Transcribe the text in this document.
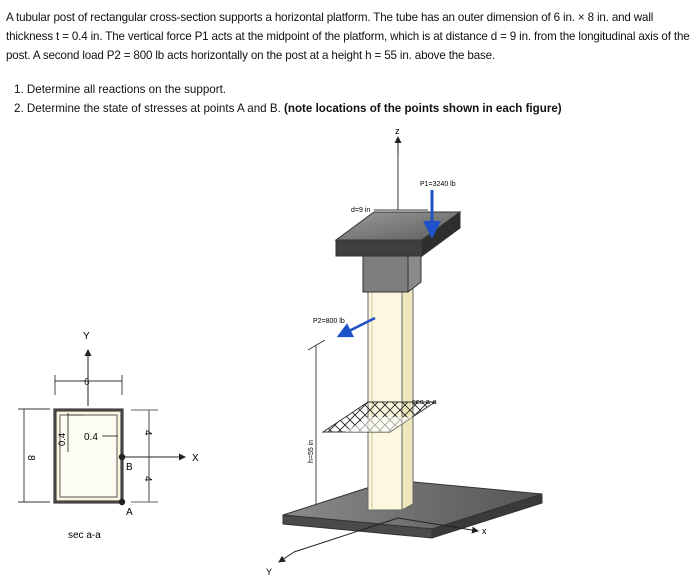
A tubular post of rectangular cross-section supports a horizontal platform. The tube has an outer dimension of 6 in. × 8 in. and wall thickness t = 0.4 in. The vertical force P1 acts at the midpoint of the platform, which is at distance d = 9 in. from the longitudinal axis of the post. A second load P2 = 800 lb acts horizontally on the post at a height h = 55 in. above the base.

1. Determine all reactions on the support.
2. Determine the state of stresses at points A and B. (note locations of the points shown in each figure)
Y
X
6
8
0.4 0.4	4
4
B
A
sec a-a
z
sec a-a
P1=3240 lb
d=9 in
P2=800 lb
h=55 in
x
Y
